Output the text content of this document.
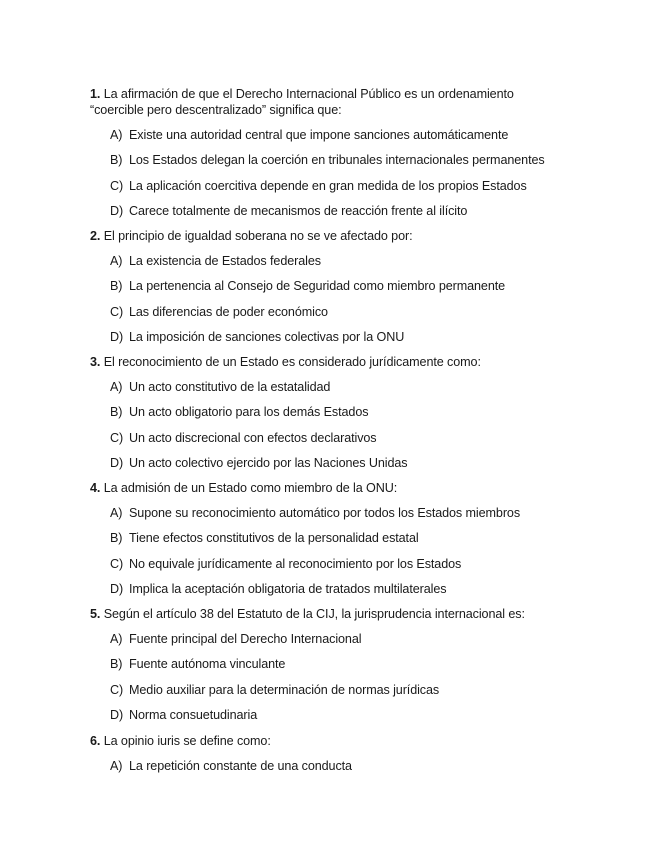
1. La afirmación de que el Derecho Internacional Público es un ordenamiento
“coercible pero descentralizado” significa que:
A) Existe una autoridad central que impone sanciones automáticamente
B) Los Estados delegan la coerción en tribunales internacionales permanentes
C) La aplicación coercitiva depende en gran medida de los propios Estados
D) Carece totalmente de mecanismos de reacción frente al ilícito
2. El principio de igualdad soberana no se ve afectado por:
A) La existencia de Estados federales
B) La pertenencia al Consejo de Seguridad como miembro permanente
C) Las diferencias de poder económico
D) La imposición de sanciones colectivas por la ONU
3. El reconocimiento de un Estado es considerado jurídicamente como:
A) Un acto constitutivo de la estatalidad
B) Un acto obligatorio para los demás Estados
C) Un acto discrecional con efectos declarativos
D) Un acto colectivo ejercido por las Naciones Unidas
4. La admisión de un Estado como miembro de la ONU:
A) Supone su reconocimiento automático por todos los Estados miembros
B) Tiene efectos constitutivos de la personalidad estatal
C) No equivale jurídicamente al reconocimiento por los Estados
D) Implica la aceptación obligatoria de tratados multilaterales
5. Según el artículo 38 del Estatuto de la CIJ, la jurisprudencia internacional es:
A) Fuente principal del Derecho Internacional
B) Fuente autónoma vinculante
C) Medio auxiliar para la determinación de normas jurídicas
D) Norma consuetudinaria
6. La opinio iuris se define como:
A) La repetición constante de una conducta
